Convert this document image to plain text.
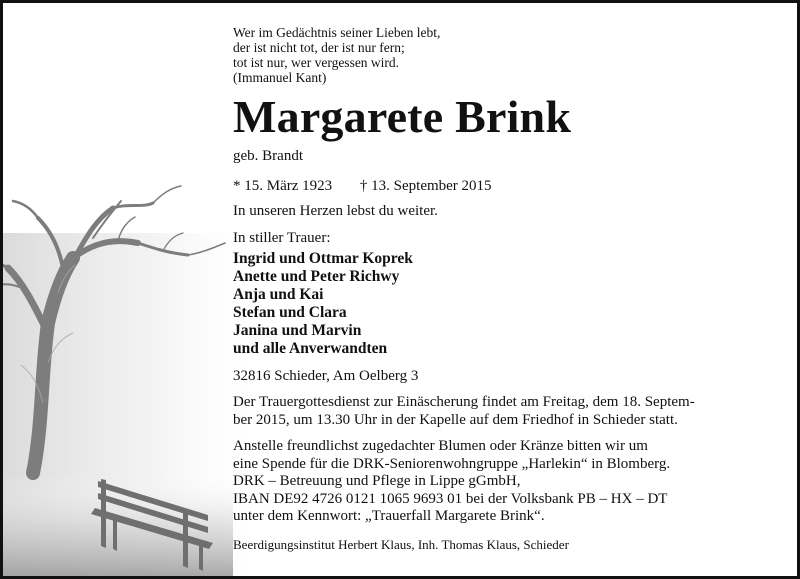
Wer im Gedächtnis seiner Lieben lebt,
der ist nicht tot, der ist nur fern;
tot ist nur, wer vergessen wird.
(Immanuel Kant)
Margarete Brink
geb. Brandt
* 15. März 1923 † 13. September 2015
In unseren Herzen lebst du weiter.
In stiller Trauer:
Ingrid und Ottmar Koprek
Anette und Peter Richwy
Anja und Kai
Stefan und Clara
Janina und Marvin
und alle Anverwandten
32816 Schieder, Am Oelberg 3
Der Trauergottesdienst zur Einäscherung findet am Freitag, dem 18. Septem-
ber 2015, um 13.30 Uhr in der Kapelle auf dem Friedhof in Schieder statt.
Anstelle freundlichst zugedachter Blumen oder Kränze bitten wir um
eine Spende für die DRK-Seniorenwohngruppe „Harlekin“ in Blomberg.
DRK – Betreuung und Pflege in Lippe gGmbH,
IBAN DE92 4726 0121 1065 9693 01 bei der Volksbank PB – HX – DT
unter dem Kennwort: „Trauerfall Margarete Brink“.
Beerdigungsinstitut Herbert Klaus, Inh. Thomas Klaus, Schieder
